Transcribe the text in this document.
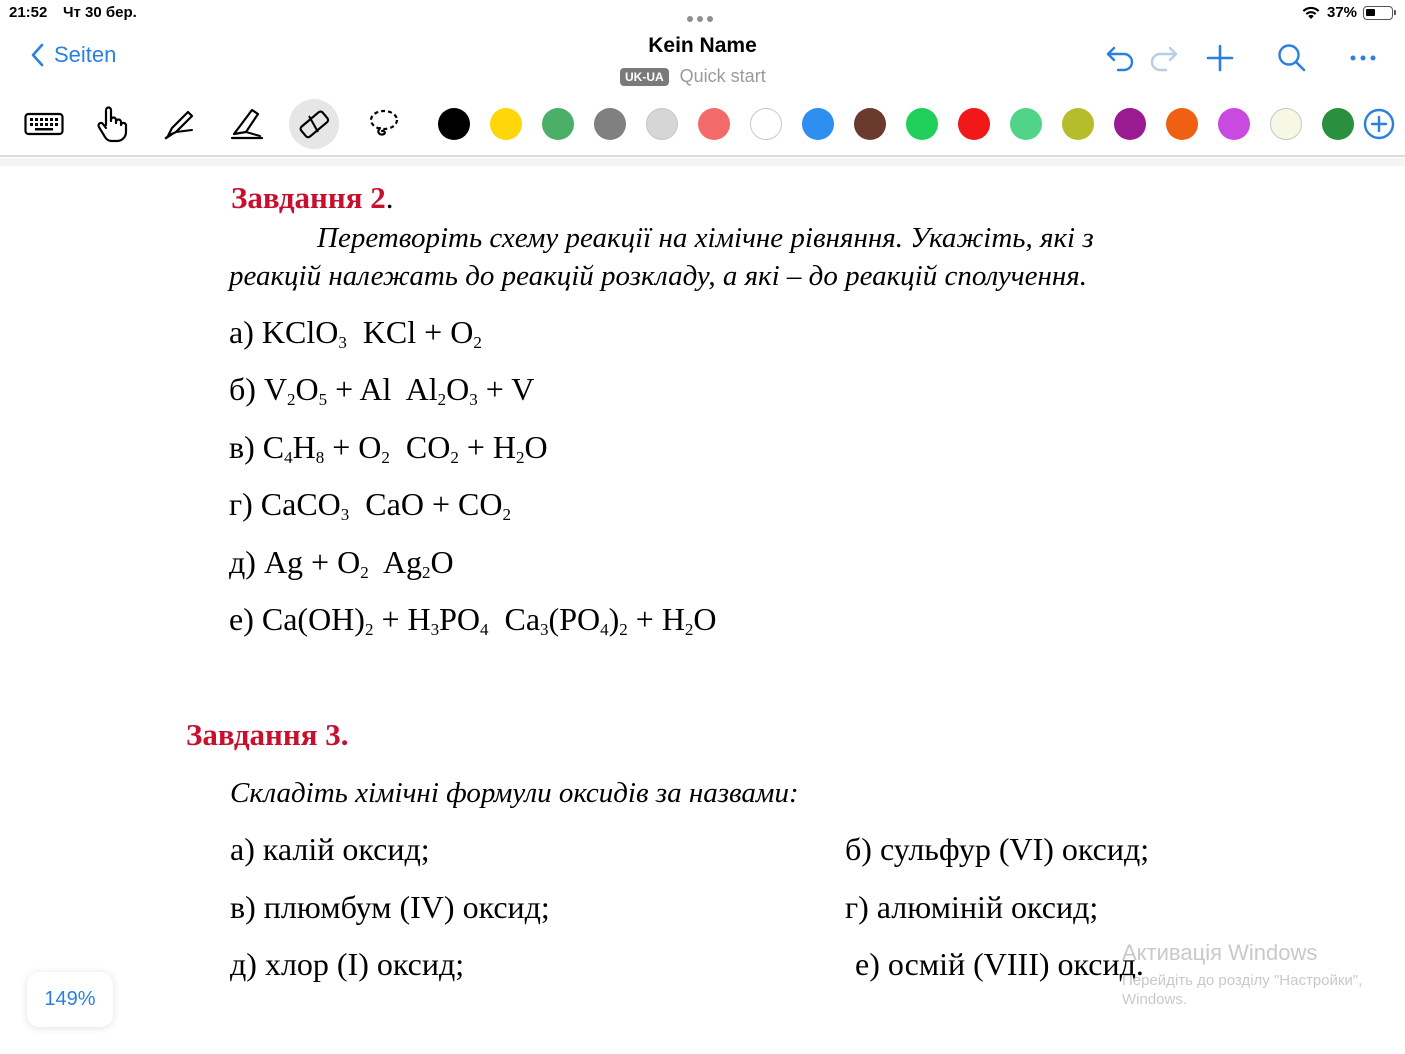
21:52 Чт 30 бер.	37%
Seiten	Kein Name
UK-UA Quick start
Завдання 2.
Перетворіть схему реакції на хімічне рівняння. Укажіть, які з
реакцій належать до реакцій розкладу, а які – до реакцій сполучення.
а) KClO$_3$  KCl + $O_2$
б) $V_2O_5 + Al$  $Al_2O_3 + V$
в) $C_4H_8 + O_2$  $CO_2 + H_2O$
г) CaCO$_3$  CaO + $CO_2$
д) $Ag + O_2$  $Ag_2O$
е) $Ca(OH)_2 + H_3PO_4$  $Ca_3(PO_4)_2 + H_2O$
Завдання 3.
Складіть хімічні формули оксидів за назвами:
а) калій оксид;	б) сульфур (VI) оксид;
в) плюмбум (IV) оксид;	г) алюміній оксид;
д) хлор (I) оксид;	е) осмій (VIII) оксид.
Активація Windows
Перейдіть до розділу "Настройки",
Windows.
149%
